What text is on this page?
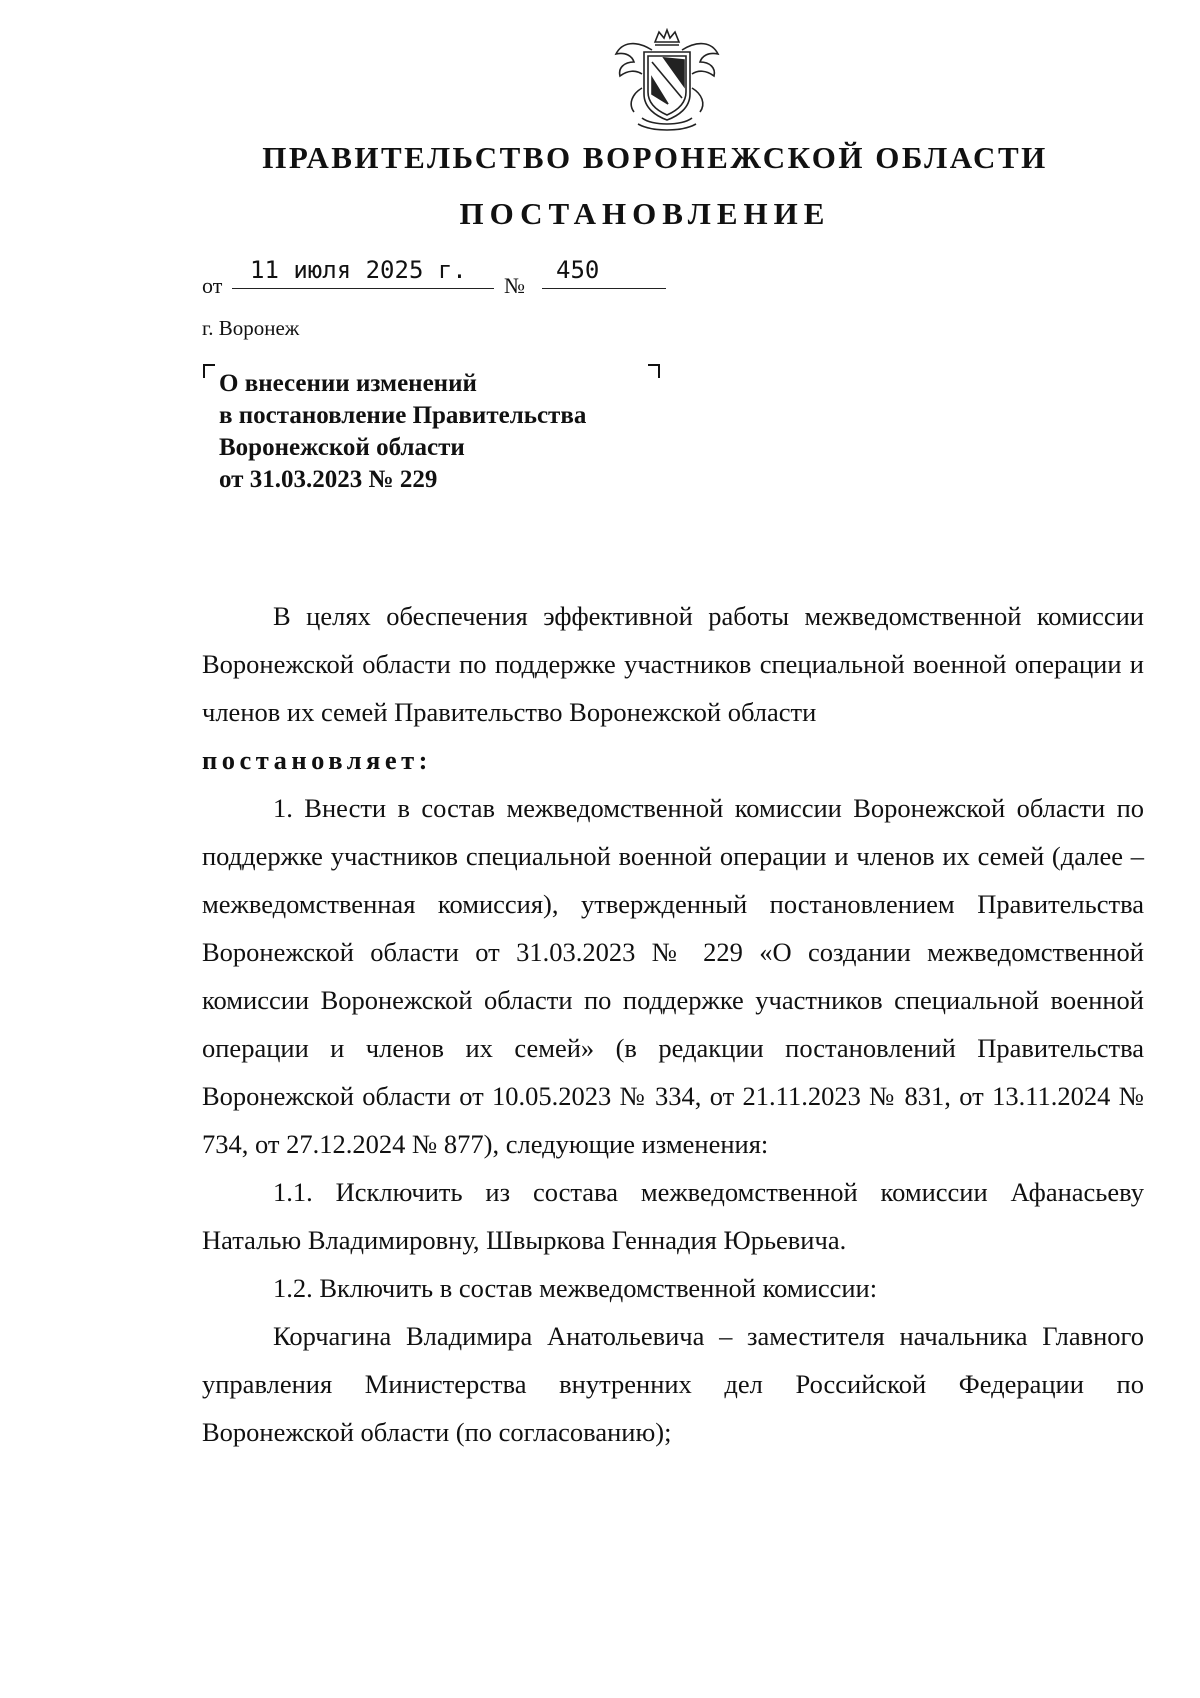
ПРАВИТЕЛЬСТВО ВОРОНЕЖСКОЙ ОБЛАСТИ
ПОСТАНОВЛЕНИЕ
от
11 июля 2025 г.
№
450
г. Воронеж
О внесении изменений
в постановление Правительства
Воронежской области
от 31.03.2023 № 229

В целях обеспечения эффективной работы межведомственной комиссии Воронежской области по поддержке участников специальной военной операции и членов их семей Правительство Воронежской области

постановляет:

1. Внести в состав межведомственной комиссии Воронежской области по поддержке участников специальной военной операции и членов их семей (далее – межведомственная комиссия), утвержденный постановлением Правительства Воронежской области от 31.03.2023 № 229 «О создании межведомственной комиссии Воронежской области по поддержке участников специальной военной операции и членов их семей» (в редакции постановлений Правительства Воронежской области от 10.05.2023 № 334, от 21.11.2023 № 831, от 13.11.2024 № 734, от 27.12.2024 № 877), следующие изменения:

1.1. Исключить из состава межведомственной комиссии Афанасьеву Наталью Владимировну, Швыркова Геннадия Юрьевича.

1.2. Включить в состав межведомственной комиссии:

Корчагина Владимира Анатольевича – заместителя начальника Главного управления Министерства внутренних дел Российской Федерации по Воронежской области (по согласованию);
